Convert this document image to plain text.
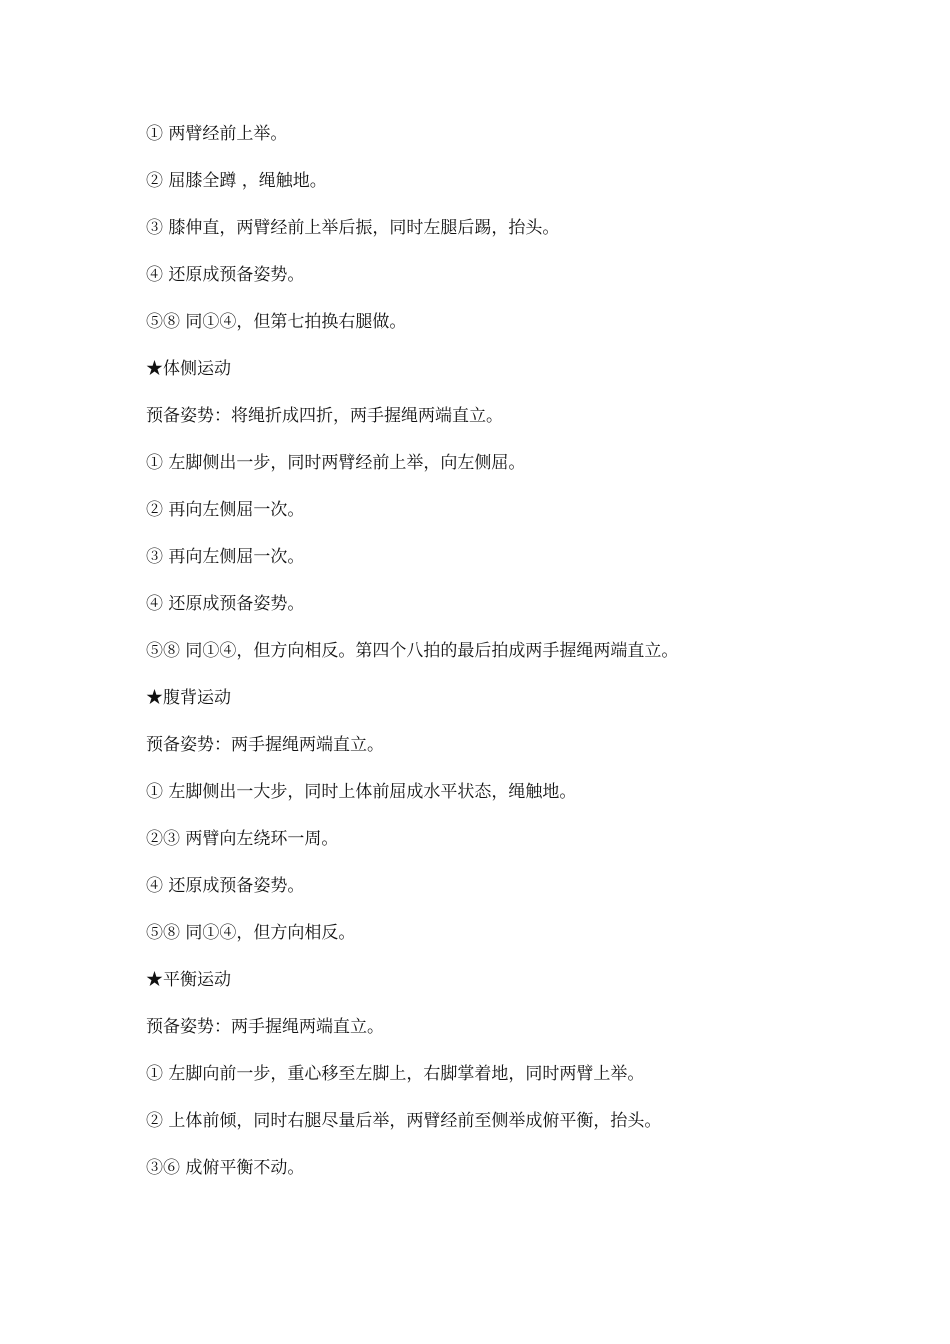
① 两臂经前上举。
② 屈膝全蹲 ，绳触地。
③ 膝伸直，两臂经前上举后振，同时左腿后踢，抬头。
④ 还原成预备姿势。
⑤⑧ 同①④，但第七拍换右腿做。
★体侧运动
预备姿势：将绳折成四折，两手握绳两端直立。
① 左脚侧出一步，同时两臂经前上举，向左侧屈。
② 再向左侧屈一次。
③ 再向左侧屈一次。
④ 还原成预备姿势。
⑤⑧ 同①④，但方向相反。第四个八拍的最后拍成两手握绳两端直立。
★腹背运动
预备姿势：两手握绳两端直立。
① 左脚侧出一大步，同时上体前屈成水平状态，绳触地。
②③ 两臂向左绕环一周。
④ 还原成预备姿势。
⑤⑧ 同①④，但方向相反。
★平衡运动
预备姿势：两手握绳两端直立。
① 左脚向前一步，重心移至左脚上，右脚掌着地，同时两臂上举。
② 上体前倾，同时右腿尽量后举，两臂经前至侧举成俯平衡，抬头。
③⑥ 成俯平衡不动。
